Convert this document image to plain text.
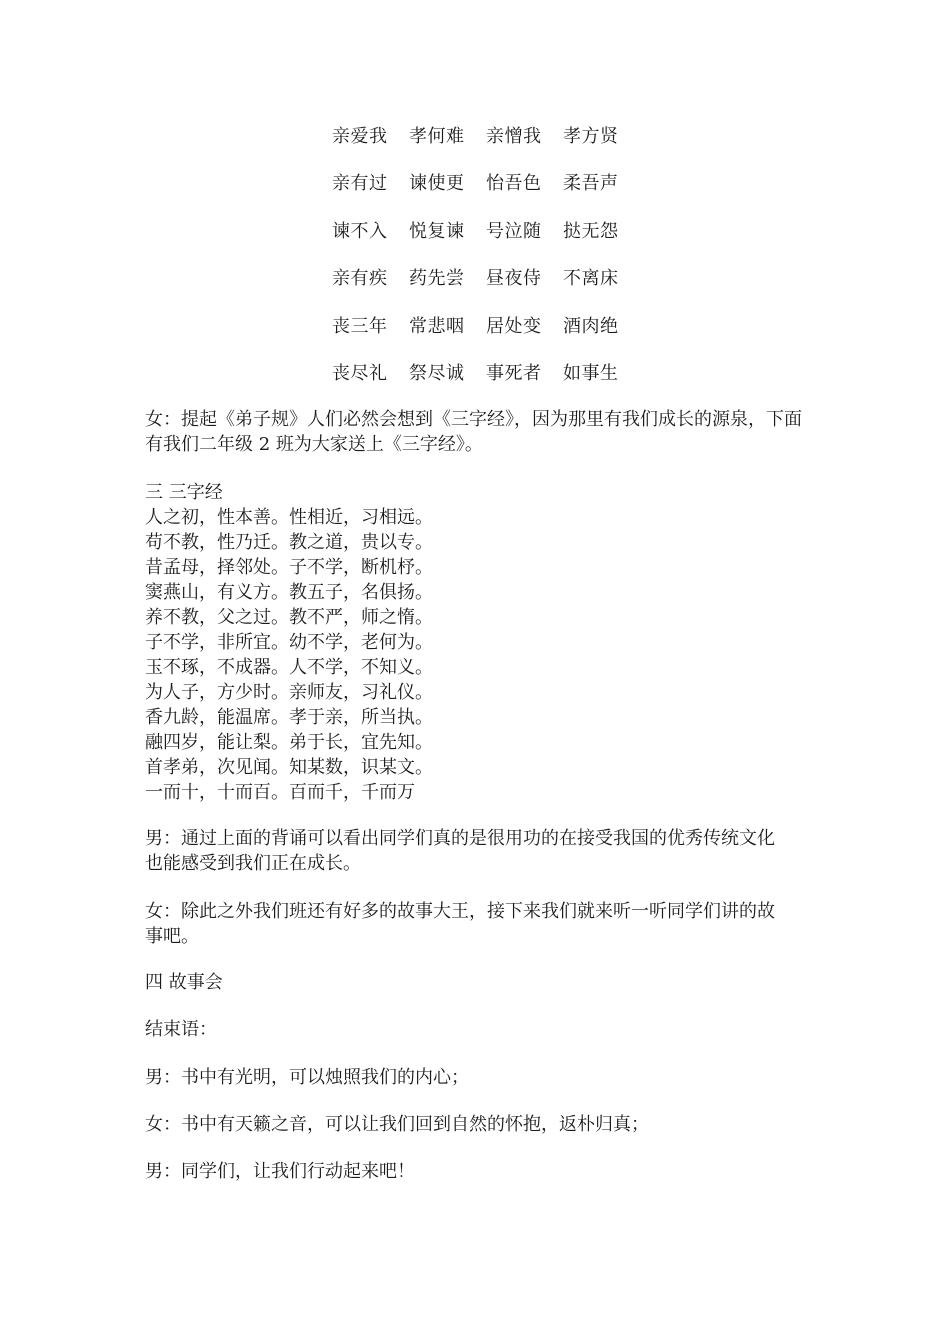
亲爱我	孝何难	亲憎我	孝方贤
亲有过	谏使更	怡吾色	柔吾声
谏不入	悦复谏	号泣随	挞无怨
亲有疾	药先尝	昼夜侍	不离床
丧三年	常悲咽	居处变	酒肉绝
丧尽礼	祭尽诚	事死者	如事生
女：提起《弟子规》人们必然会想到《三字经》，因为那里有我们成长的源泉，下面
有我们二年级 2 班为大家送上《三字经》。
三 三字经
人之初，性本善。性相近，习相远。
苟不教，性乃迁。教之道，贵以专。
昔孟母，择邻处。子不学，断机杼。
窦燕山，有义方。教五子，名俱扬。
养不教，父之过。教不严，师之惰。
子不学，非所宜。幼不学，老何为。
玉不琢，不成器。人不学，不知义。
为人子，方少时。亲师友，习礼仪。
香九龄，能温席。孝于亲，所当执。
融四岁，能让梨。弟于长，宜先知。
首孝弟，次见闻。知某数，识某文。
一而十，十而百。百而千，千而万
男：通过上面的背诵可以看出同学们真的是很用功的在接受我国的优秀传统文化
也能感受到我们正在成长。
女：除此之外我们班还有好多的故事大王，接下来我们就来听一听同学们讲的故
事吧。
四 故事会
结束语：
男：书中有光明，可以烛照我们的内心；
女：书中有天籁之音，可以让我们回到自然的怀抱，返朴归真；
男：同学们，让我们行动起来吧！
